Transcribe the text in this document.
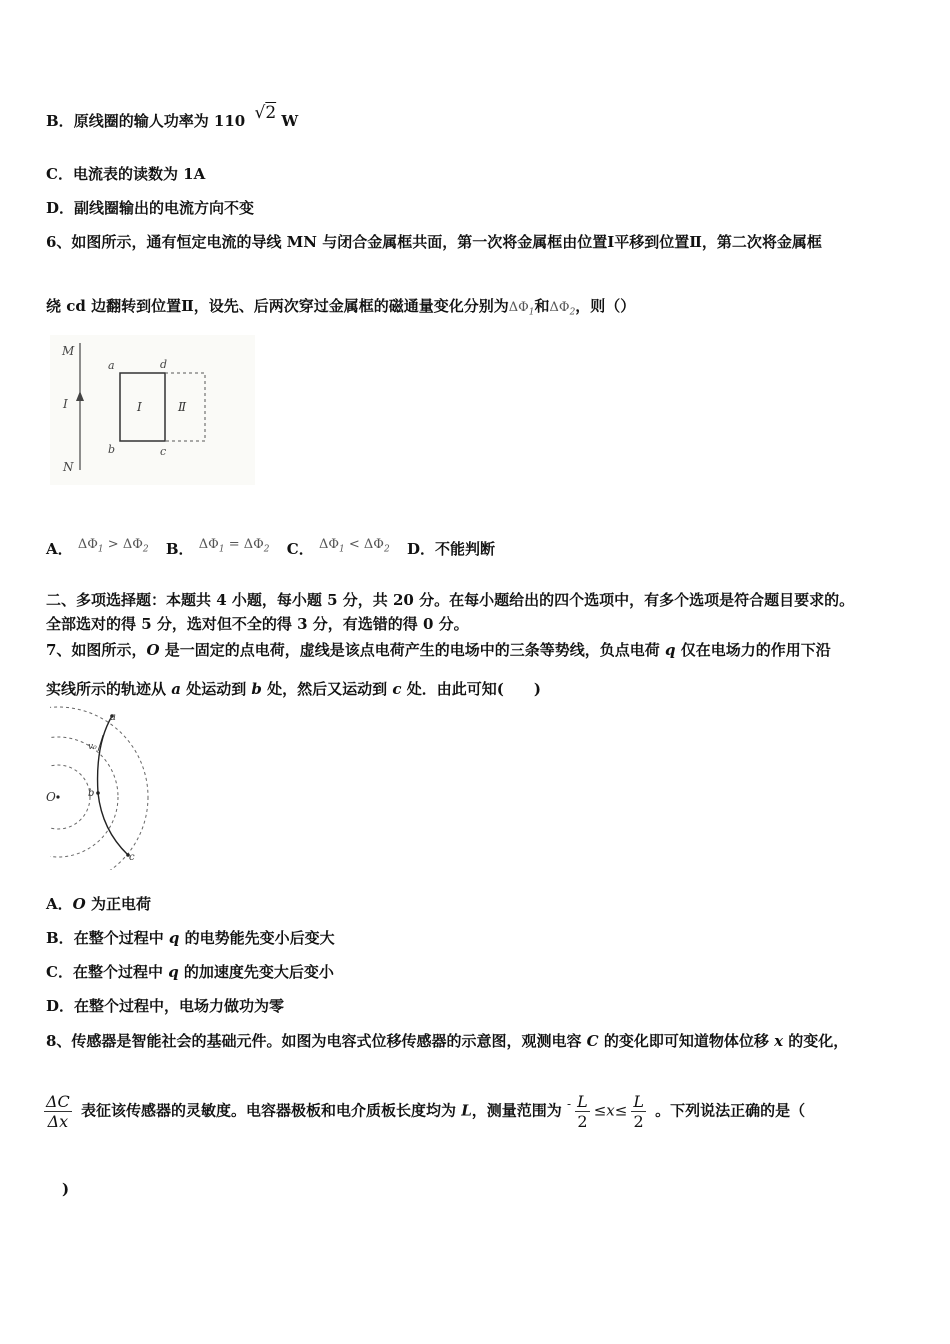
B．原线圈的输人功率为 110 √2 W
C．电流表的读数为 1A
D．副线圈输出的电流方向不变
6、如图所示，通有恒定电流的导线 MN 与闭合金属框共面，第一次将金属框由位置Ⅰ平移到位置Ⅱ，第二次将金属框
绕 cd 边翻转到位置Ⅱ，设先、后两次穿过金属框的磁通量变化分别为$\Delta\Phi_1$和$\Delta\Phi_2$，则（）
M
I
N
a	d
b	c
Ⅰ	Ⅱ
A． $\Delta\Phi_1 > \Delta\Phi_2$ B． $\Delta\Phi_1 = \Delta\Phi_2$ C． $\Delta\Phi_1 < \Delta\Phi_2$ D．不能判断
二、多项选择题：本题共 4 小题，每小题 5 分，共 20 分。在每小题给出的四个选项中，有多个选项是符合题目要求的。
全部选对的得 5 分，选对但不全的得 3 分，有选错的得 0 分。
7、如图所示，O 是一固定的点电荷，虚线是该点电荷产生的电场中的三条等势线，负点电荷 q 仅在电场力的作用下沿
实线所示的轨迹从 a 处运动到 b 处，然后又运动到 c 处．由此可知(　　)
O
a
b
c
v₀
A．O 为正电荷
B．在整个过程中 q 的电势能先变小后变大
C．在整个过程中 q 的加速度先变大后变小
D．在整个过程中，电场力做功为零
8、传感器是智能社会的基础元件。如图为电容式位移传感器的示意图，观测电容 C 的变化即可知道物体位移 x 的变化，
$\frac{\Delta C}{\Delta x}$ 表征该传感器的灵敏度。电容器极板和电介质板长度均为 L，测量范围为 $^- \frac{L}{2} \le x\le \frac{L}{2}$ 。下列说法正确的是（
)
